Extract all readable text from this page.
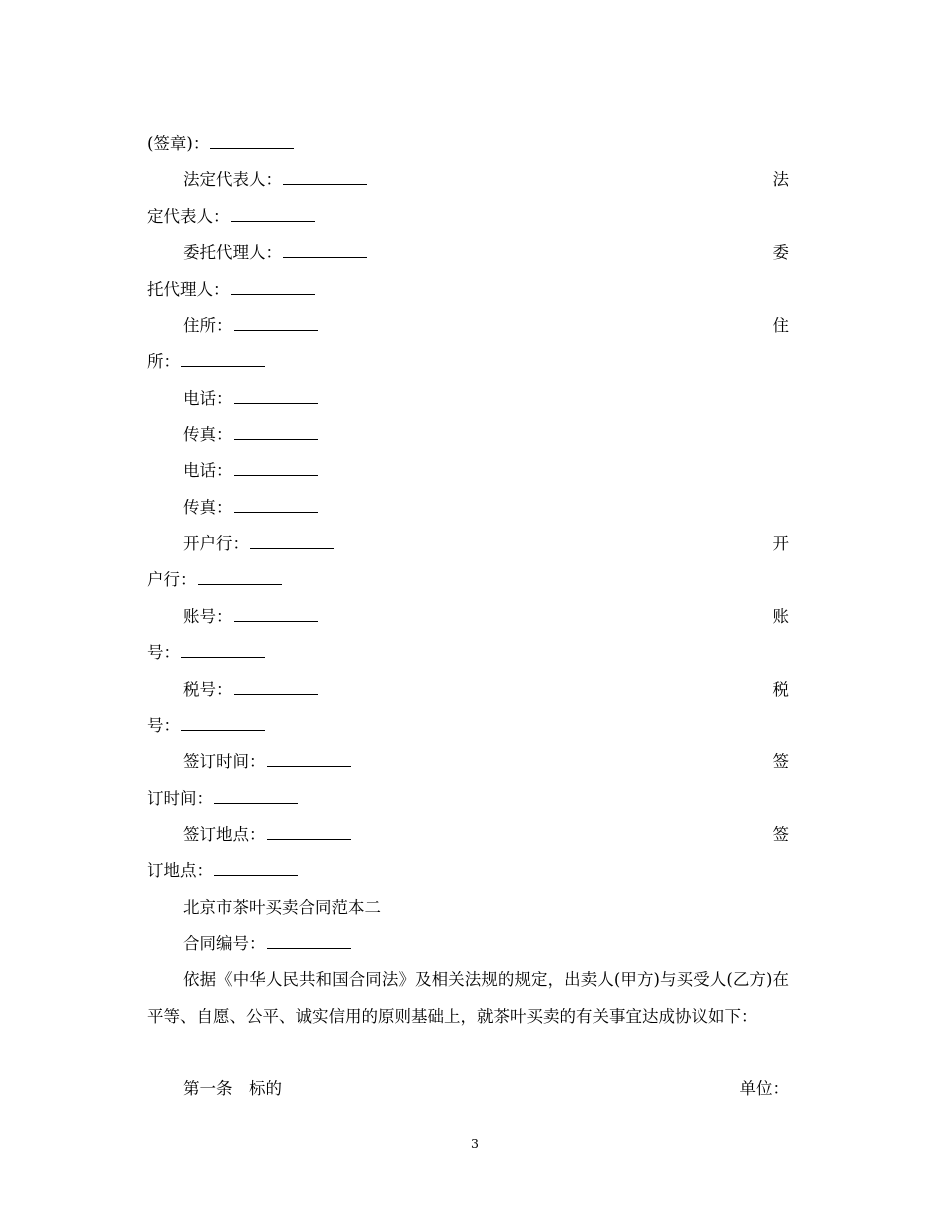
(签章)：
法定代表人：	法
定代表人：
委托代理人：	委
托代理人：
住所：	住
所：
电话：
传真：
电话：
传真：
开户行：	开
户行：
账号：	账
号：
税号：	税
号：
签订时间：	签
订时间：
签订地点：	签
订地点：
北京市茶叶买卖合同范本二
合同编号：
依据《中华人民共和国合同法》及相关法规的规定，出卖人(甲方)与买受人(乙方)在平等、自愿、公平、诚实信用的原则基础上，就茶叶买卖的有关事宜达成协议如下：
第一条　标的	单位：
3
